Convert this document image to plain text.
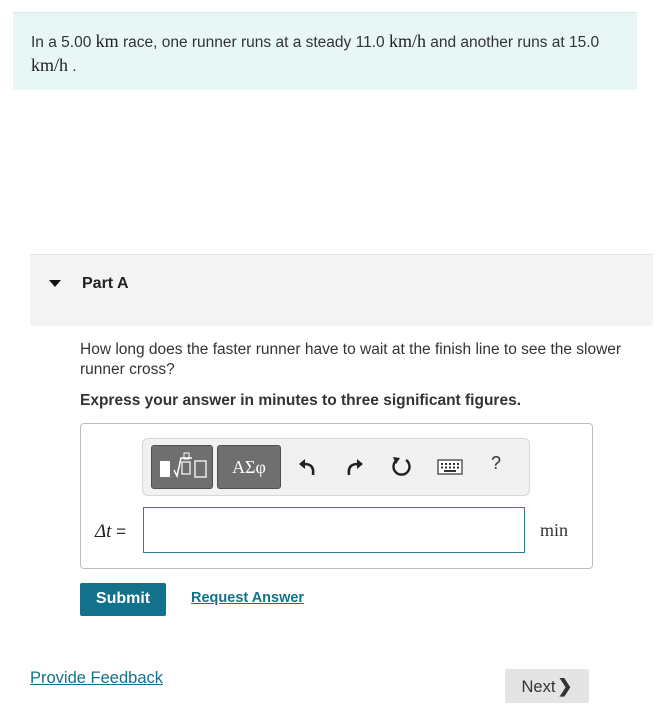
In a 5.00 km race, one runner runs at a steady 11.0 km/h and another runs at 15.0 km/h .
Part A
How long does the faster runner have to wait at the finish line to see the slower runner cross?
Express your answer in minutes to three significant figures.
ΑΣφ	?
Δt =	min
Submit	Request Answer
Provide Feedback	Next ❯
